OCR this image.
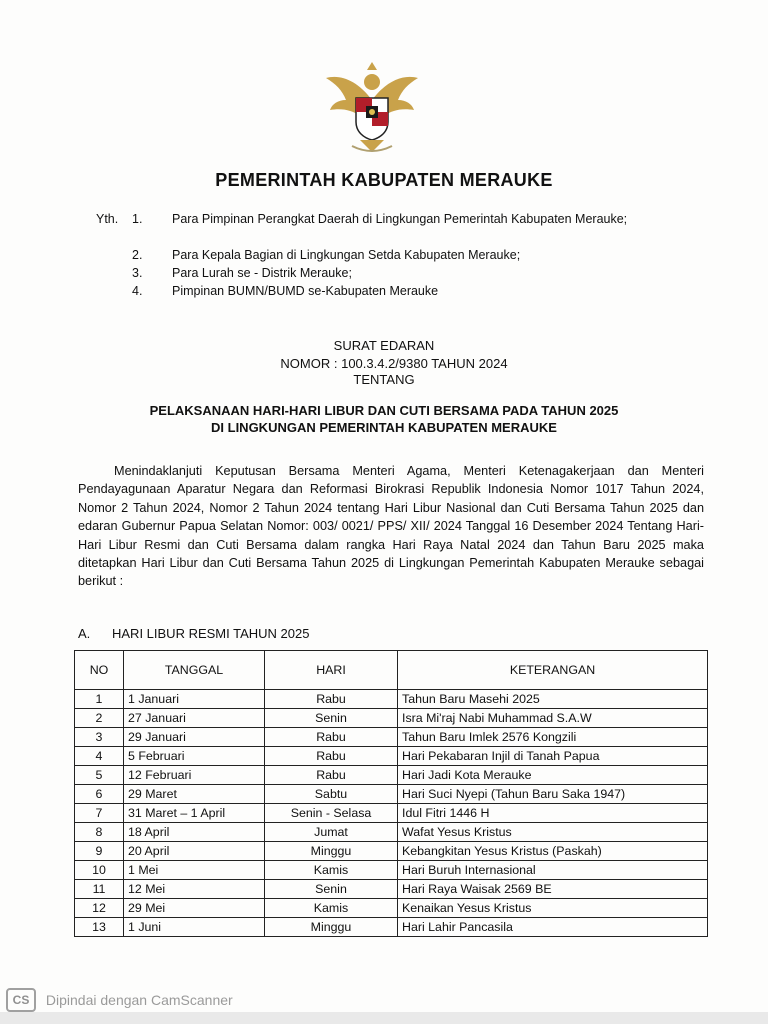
PEMERINTAH KABUPATEN MERAUKE
Yth. 1. Para Pimpinan Perangkat Daerah di Lingkungan Pemerintah Kabupaten Merauke;
2. Para Kepala Bagian di Lingkungan Setda Kabupaten Merauke;
3. Para Lurah se - Distrik Merauke;
4. Pimpinan BUMN/BUMD se-Kabupaten Merauke
SURAT EDARAN
NOMOR : 100.3.4.2/9380 TAHUN 2024
TENTANG
PELAKSANAAN HARI-HARI LIBUR DAN CUTI BERSAMA PADA TAHUN 2025
DI LINGKUNGAN PEMERINTAH KABUPATEN MERAUKE
Menindaklanjuti Keputusan Bersama Menteri Agama, Menteri Ketenagakerjaan dan Menteri Pendayagunaan Aparatur Negara dan Reformasi Birokrasi Republik Indonesia Nomor 1017 Tahun 2024, Nomor 2 Tahun 2024, Nomor 2 Tahun 2024 tentang Hari Libur Nasional dan Cuti Bersama Tahun 2025 dan edaran Gubernur Papua Selatan Nomor: 003/ 0021/ PPS/ XII/ 2024 Tanggal 16 Desember 2024 Tentang Hari-Hari Libur Resmi dan Cuti Bersama dalam rangka Hari Raya Natal 2024 dan Tahun Baru 2025 maka ditetapkan Hari Libur dan Cuti Bersama Tahun 2025 di Lingkungan Pemerintah Kabupaten Merauke sebagai berikut :
A. HARI LIBUR RESMI TAHUN 2025
NO	TANGGAL	HARI	KETERANGAN
1	1 Januari	Rabu	Tahun Baru Masehi 2025
2	27 Januari	Senin	Isra Mi'raj Nabi Muhammad S.A.W
3	29 Januari	Rabu	Tahun Baru Imlek 2576 Kongzili
4	5 Februari	Rabu	Hari Pekabaran Injil di Tanah Papua
5	12 Februari	Rabu	Hari Jadi Kota Merauke
6	29 Maret	Sabtu	Hari Suci Nyepi (Tahun Baru Saka 1947)
7	31 Maret – 1 April	Senin - Selasa	Idul Fitri 1446 H
8	18 April	Jumat	Wafat Yesus Kristus
9	20 April	Minggu	Kebangkitan Yesus Kristus (Paskah)
10	1 Mei	Kamis	Hari Buruh Internasional
11	12 Mei	Senin	Hari Raya Waisak 2569 BE
12	29 Mei	Kamis	Kenaikan Yesus Kristus
13	1 Juni	Minggu	Hari Lahir Pancasila
CS Dipindai dengan CamScanner
